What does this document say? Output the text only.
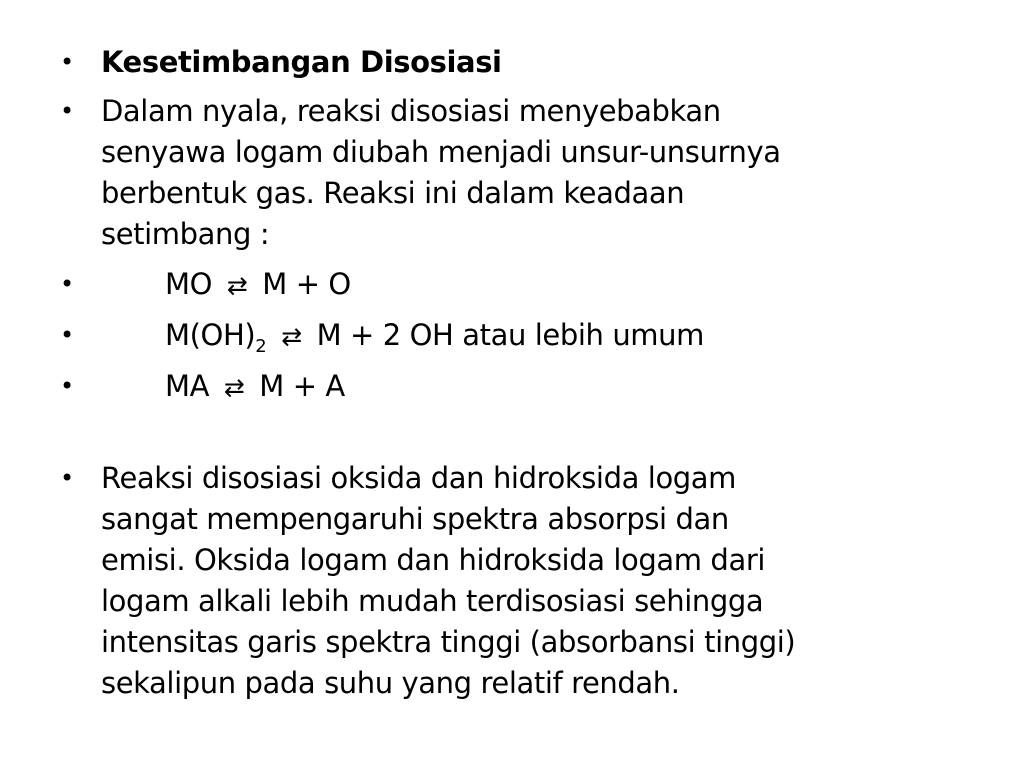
• Kesetimbangan Disosiasi
• Dalam nyala, reaksi disosiasi menyebabkan
senyawa logam diubah menjadi unsur-unsurnya
berbentuk gas. Reaksi ini dalam keadaan
setimbang :
•	MO ⇄ M + O
•	$M(OH)_2$ ⇄ M + 2 OH atau lebih umum
•	MA ⇄ M + A
• Reaksi disosiasi oksida dan hidroksida logam
sangat mempengaruhi spektra absorpsi dan
emisi. Oksida logam dan hidroksida logam dari
logam alkali lebih mudah terdisosiasi sehingga
intensitas garis spektra tinggi (absorbansi tinggi)
sekalipun pada suhu yang relatif rendah.
